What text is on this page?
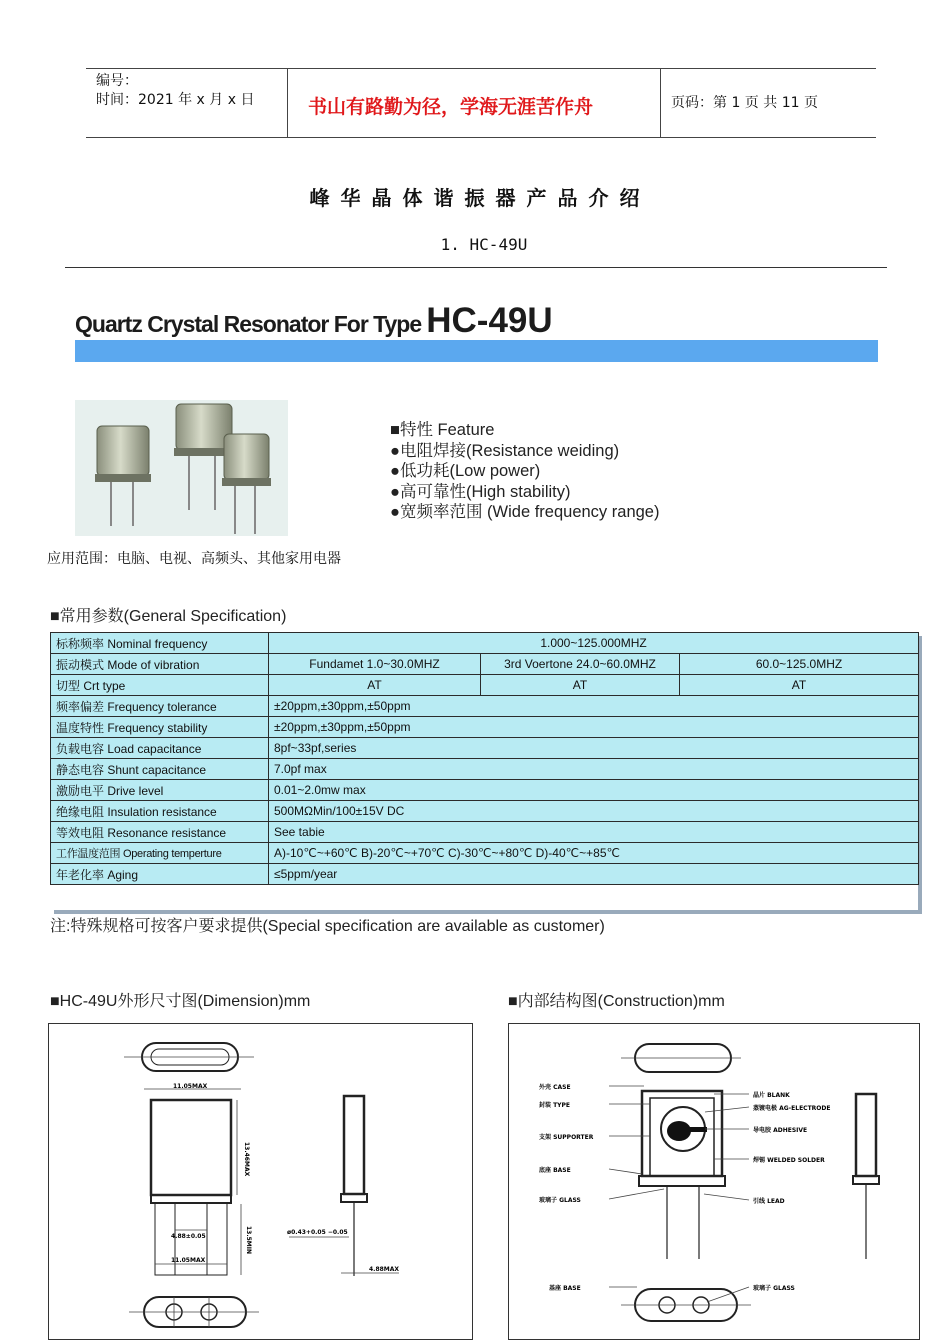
编号：
时间：2021 年 x 月 x 日	书山有路勤为径，学海无涯苦作舟	页码：第 1 页 共 11 页
峰华晶体谐振器产品介绍
1. HC-49U
Quartz Crystal Resonator For Type HC-49U
■特性 Feature
●电阻焊接(Resistance weiding)
●低功耗(Low power)
●高可靠性(High stability)
●宽频率范围 (Wide frequency range)
应用范围：电脑、电视、高频头、其他家用电器
■常用参数(General Specification)
标称频率 Nominal frequency	1.000~125.000MHZ		
振动模式 Mode of vibration	Fundamet 1.0~30.0MHZ	3rd Voertone 24.0~60.0MHZ	60.0~125.0MHZ
切型 Crt type	AT	AT	AT
频率偏差 Frequency tolerance	±20ppm,±30ppm,±50ppm		
温度特性 Frequency stability	±20ppm,±30ppm,±50ppm		
负载电容 Load capacitance	8pf~33pf,series		
静态电容 Shunt capacitance	7.0pf max		
激励电平 Drive level	0.01~2.0mw max		
绝缘电阻 Insulation resistance	500MΩMin/100±15V DC		
等效电阻 Resonance resistance	See tabie		
工作温度范围 Operating temperture	A)-10℃~+60℃ B)-20℃~+70℃ C)-30℃~+80℃ D)-40℃~+85℃		
年老化率 Aging	≤5ppm/year		
注:特殊规格可按客户要求提供(Special specification are available as customer)
■HC-49U外形尺寸图(Dimension)mm
11.05MAX
13.46MAX
4.88±0.05
11.05MAX
13.5MIN	ø0.43+0.05 −0.05
4.88MAX
■内部结构图(Construction)mm
外壳 CASE
封装 TYPE
支架 SUPPORTER
底座 BASE
玻璃子 GLASS
晶片 BLANK
蒸镀电极 AG-ELECTRODE
导电胶 ADHESIVE
焊锡 WELDED SOLDER
引线 LEAD
基座 BASE	玻璃子 GLASS
